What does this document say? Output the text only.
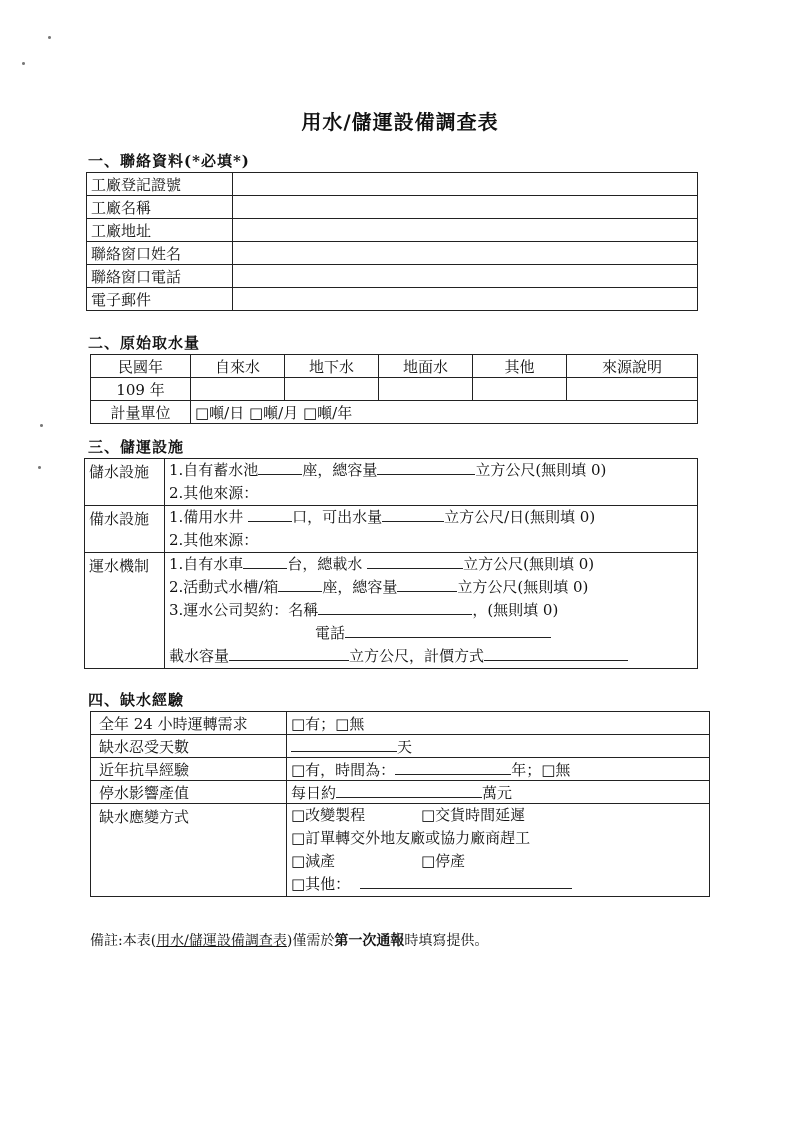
用水/儲運設備調查表
一、聯絡資料(*必填*)
工廠登記證號	
工廠名稱	
工廠地址	
聯絡窗口姓名	
聯絡窗口電話	
電子郵件	
二、原始取水量
民國年	自來水	地下水	地面水	其他	來源說明
109 年					
計量單位	□噸/日 □噸/月 □噸/年				
三、儲運設施
儲水設施	1.自有蓄水池 座，總容量 立方公尺(無則填 0)
2.其他來源：

備水設施	1.備用水井 口，可出水量 立方公尺/日(無則填 0)
2.其他來源：

運水機制	1.自有水車 台，總載水 立方公尺(無則填 0)
2.活動式水槽/箱 座，總容量 立方公尺(無則填 0)
3.運水公司契約：名稱 ，(無則填 0)
電話
載水容量 立方公尺，計價方式
四、缺水經驗
全年 24 小時運轉需求	□有；□無
缺水忍受天數	天
近年抗旱經驗	□有，時間為： 年；□無
停水影響產值	每日約 萬元
缺水應變方式	□改變製程 □交貨時間延遲
□訂單轉交外地友廠或協力廠商趕工
□減產 □停產
□其他：
備註:本表(用水/儲運設備調查表)僅需於第一次通報時填寫提供。
